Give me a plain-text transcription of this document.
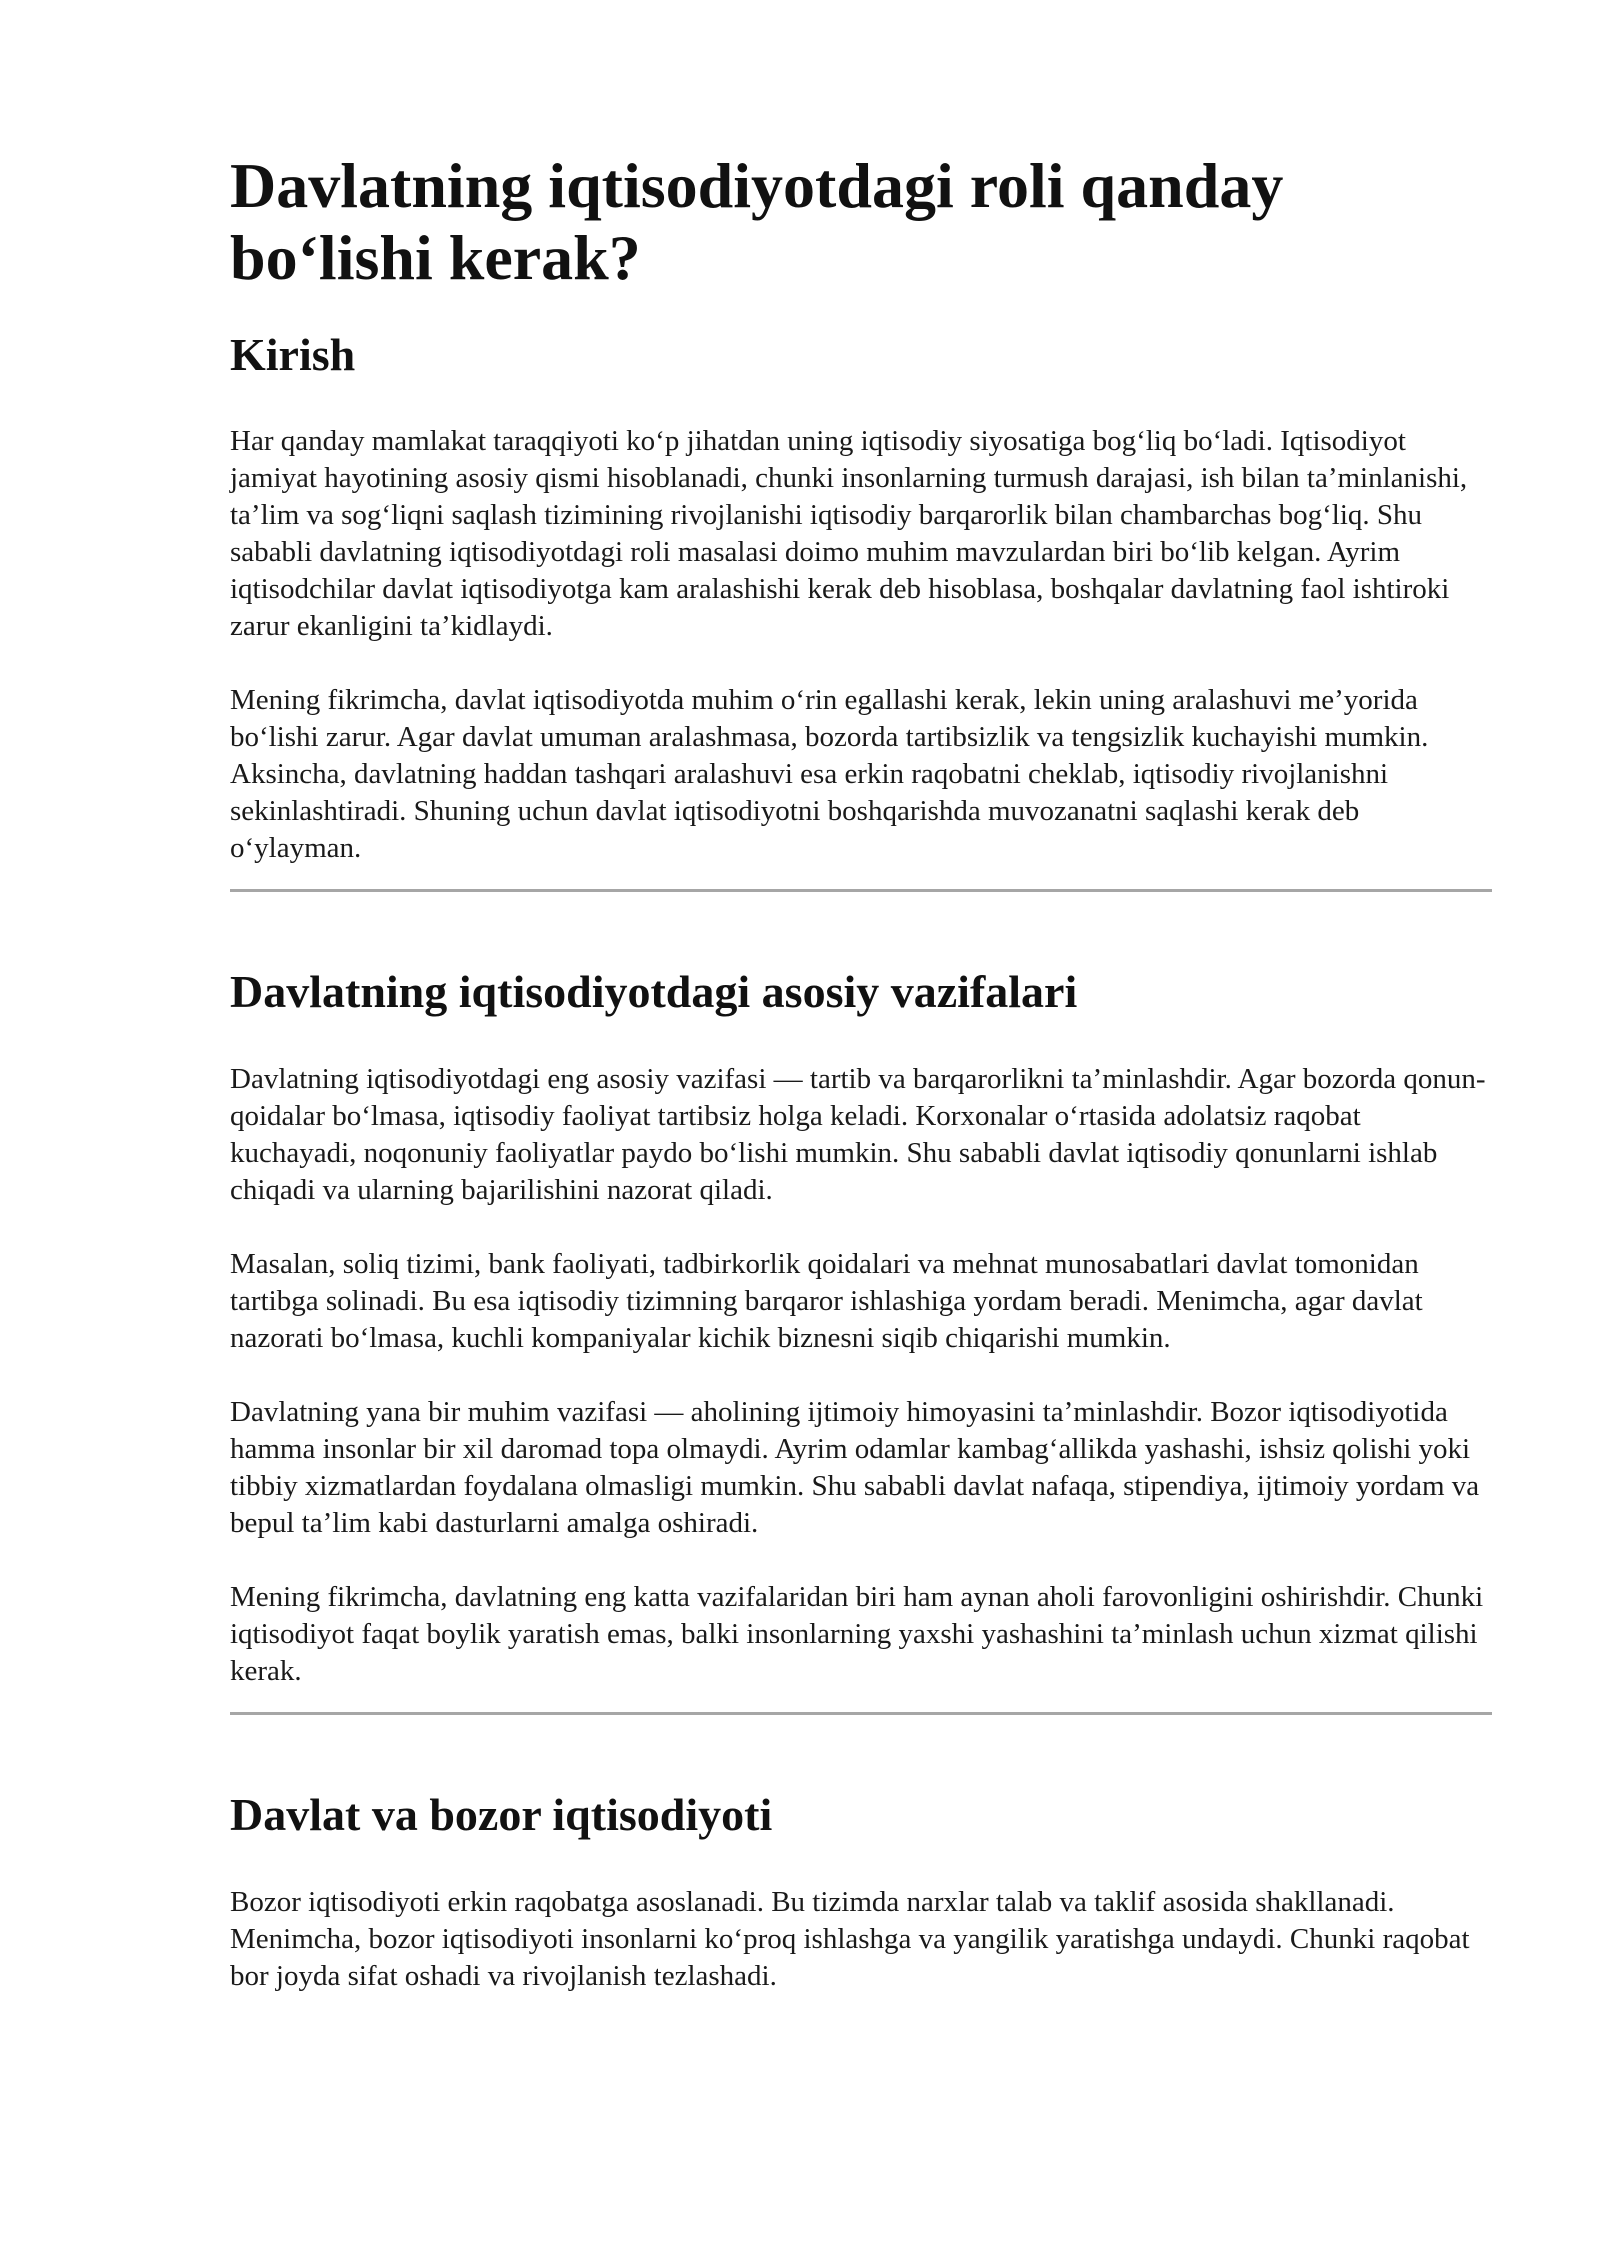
Davlatning iqtisodiyotdagi roli qanday bo‘lishi kerak?
Kirish

Har qanday mamlakat taraqqiyoti ko‘p jihatdan uning iqtisodiy siyosatiga bog‘liq bo‘ladi. Iqtisodiyot jamiyat hayotining asosiy qismi hisoblanadi, chunki insonlarning turmush darajasi, ish bilan ta’minlanishi, ta’lim va sog‘liqni saqlash tizimining rivojlanishi iqtisodiy barqarorlik bilan chambarchas bog‘liq. Shu sababli davlatning iqtisodiyotdagi roli masalasi doimo muhim mavzulardan biri bo‘lib kelgan. Ayrim iqtisodchilar davlat iqtisodiyotga kam aralashishi kerak deb hisoblasa, boshqalar davlatning faol ishtiroki zarur ekanligini ta’kidlaydi.

Mening fikrimcha, davlat iqtisodiyotda muhim o‘rin egallashi kerak, lekin uning aralashuvi me’yorida bo‘lishi zarur. Agar davlat umuman aralashmasa, bozorda tartibsizlik va tengsizlik kuchayishi mumkin. Aksincha, davlatning haddan tashqari aralashuvi esa erkin raqobatni cheklab, iqtisodiy rivojlanishni sekinlashtiradi. Shuning uchun davlat iqtisodiyotni boshqarishda muvozanatni saqlashi kerak deb o‘ylayman.

Davlatning iqtisodiyotdagi asosiy vazifalari

Davlatning iqtisodiyotdagi eng asosiy vazifasi — tartib va barqarorlikni ta’minlashdir. Agar bozorda qonun-qoidalar bo‘lmasa, iqtisodiy faoliyat tartibsiz holga keladi. Korxonalar o‘rtasida adolatsiz raqobat kuchayadi, noqonuniy faoliyatlar paydo bo‘lishi mumkin. Shu sababli davlat iqtisodiy qonunlarni ishlab chiqadi va ularning bajarilishini nazorat qiladi.

Masalan, soliq tizimi, bank faoliyati, tadbirkorlik qoidalari va mehnat munosabatlari davlat tomonidan tartibga solinadi. Bu esa iqtisodiy tizimning barqaror ishlashiga yordam beradi. Menimcha, agar davlat nazorati bo‘lmasa, kuchli kompaniyalar kichik biznesni siqib chiqarishi mumkin.

Davlatning yana bir muhim vazifasi — aholining ijtimoiy himoyasini ta’minlashdir. Bozor iqtisodiyotida hamma insonlar bir xil daromad topa olmaydi. Ayrim odamlar kambag‘allikda yashashi, ishsiz qolishi yoki tibbiy xizmatlardan foydalana olmasligi mumkin. Shu sababli davlat nafaqa, stipendiya, ijtimoiy yordam va bepul ta’lim kabi dasturlarni amalga oshiradi.

Mening fikrimcha, davlatning eng katta vazifalaridan biri ham aynan aholi farovonligini oshirishdir. Chunki iqtisodiyot faqat boylik yaratish emas, balki insonlarning yaxshi yashashini ta’minlash uchun xizmat qilishi kerak.

Davlat va bozor iqtisodiyoti

Bozor iqtisodiyoti erkin raqobatga asoslanadi. Bu tizimda narxlar talab va taklif asosida shakllanadi. Menimcha, bozor iqtisodiyoti insonlarni ko‘proq ishlashga va yangilik yaratishga undaydi. Chunki raqobat bor joyda sifat oshadi va rivojlanish tezlashadi.
